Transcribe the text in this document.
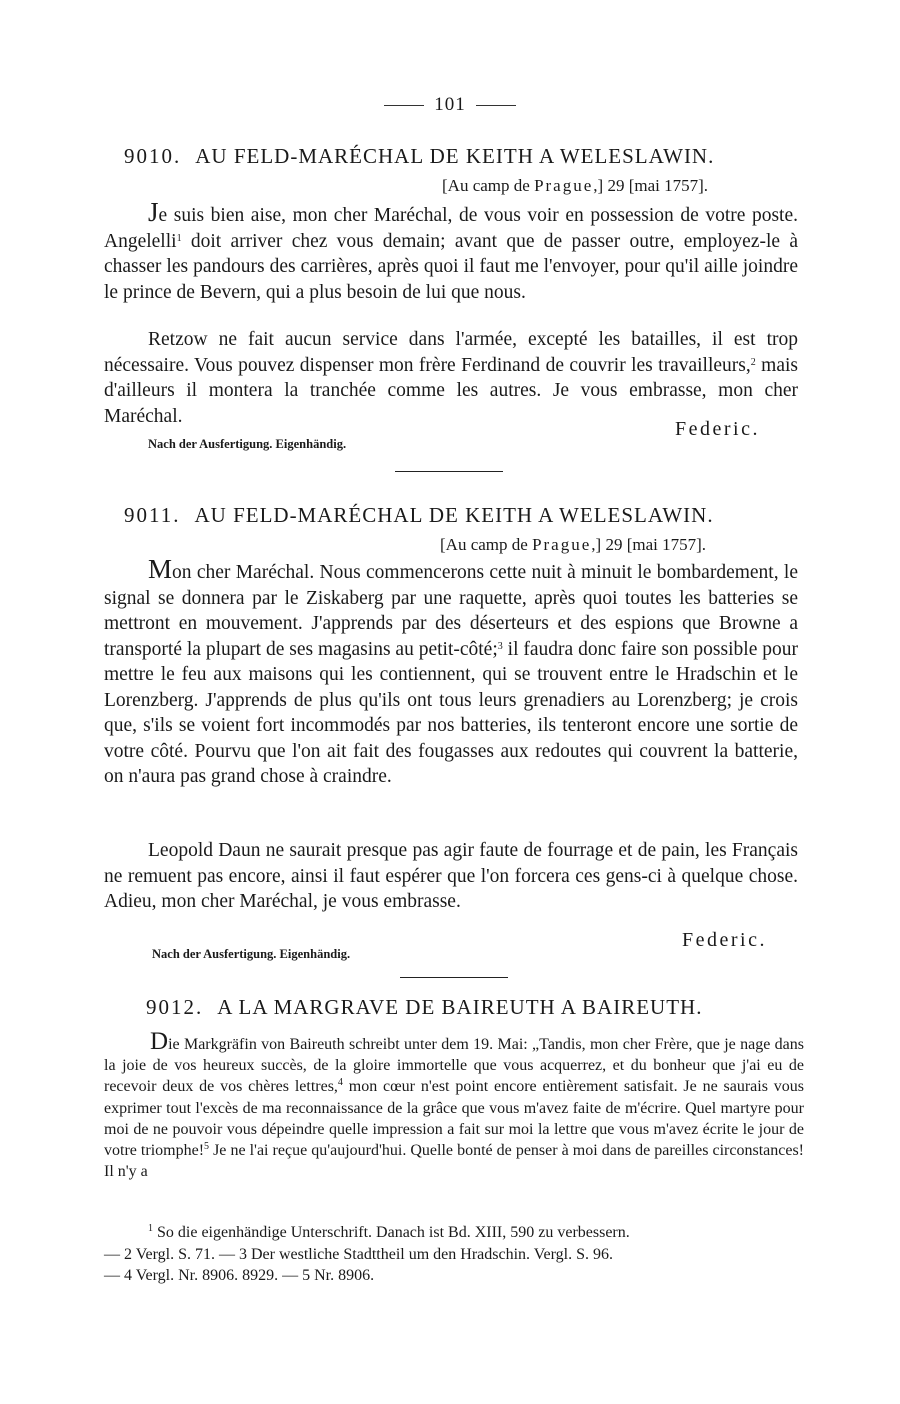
101
9010. AU FELD-MARÉCHAL DE KEITH A WELESLAWIN.
[Au camp de Prague,] 29 [mai 1757].
Je suis bien aise, mon cher Maréchal, de vous voir en possession de votre poste. Angelelli$^1$ doit arriver chez vous demain; avant que de passer outre, employez-le à chasser les pandours des carrières, après quoi il faut me l'envoyer, pour qu'il aille joindre le prince de Bevern, qui a plus besoin de lui que nous.
Retzow ne fait aucun service dans l'armée, excepté les batailles, il est trop nécessaire. Vous pouvez dispenser mon frère Ferdinand de couvrir les travailleurs,$^2$ mais d'ailleurs il montera la tranchée comme les autres. Je vous embrasse, mon cher Maréchal.
Federic.
Nach der Ausfertigung. Eigenhändig.
9011. AU FELD-MARÉCHAL DE KEITH A WELESLAWIN.
[Au camp de Prague,] 29 [mai 1757].
Mon cher Maréchal. Nous commencerons cette nuit à minuit le bombardement, le signal se donnera par le Ziskaberg par une raquette, après quoi toutes les batteries se mettront en mouvement. J'apprends par des déserteurs et des espions que Browne a transporté la plupart de ses magasins au petit-côté;$^3$ il faudra donc faire son possible pour mettre le feu aux maisons qui les contiennent, qui se trouvent entre le Hradschin et le Lorenzberg. J'apprends de plus qu'ils ont tous leurs grenadiers au Lorenzberg; je crois que, s'ils se voient fort incommodés par nos batteries, ils tenteront encore une sortie de votre côté. Pourvu que l'on ait fait des fougasses aux redoutes qui couvrent la batterie, on n'aura pas grand chose à craindre.
Leopold Daun ne saurait presque pas agir faute de fourrage et de pain, les Français ne remuent pas encore, ainsi il faut espérer que l'on forcera ces gens-ci à quelque chose. Adieu, mon cher Maréchal, je vous embrasse.
Federic.
Nach der Ausfertigung. Eigenhändig.
9012. A LA MARGRAVE DE BAIREUTH A BAIREUTH.
Die Markgräfin von Baireuth schreibt unter dem 19. Mai: „Tandis, mon cher Frère, que je nage dans la joie de vos heureux succès, de la gloire immortelle que vous acquerrez, et du bonheur que j'ai eu de recevoir deux de vos chères lettres,$^4$ mon cœur n'est point encore entièrement satisfait. Je ne saurais vous exprimer tout l'excès de ma reconnaissance de la grâce que vous m'avez faite de m'écrire. Quel martyre pour moi de ne pouvoir vous dépeindre quelle impression a fait sur moi la lettre que vous m'avez écrite le jour de votre triomphe!$^5$ Je ne l'ai reçue qu'aujourd'hui. Quelle bonté de penser à moi dans de pareilles circonstances! Il n'y a
$^1$ So die eigenhändige Unterschrift. Danach ist Bd. XIII, 590 zu verbessern.
— 2 Vergl. S. 71. — 3 Der westliche Stadttheil um den Hradschin. Vergl. S. 96.
— 4 Vergl. Nr. 8906. 8929. — 5 Nr. 8906.
